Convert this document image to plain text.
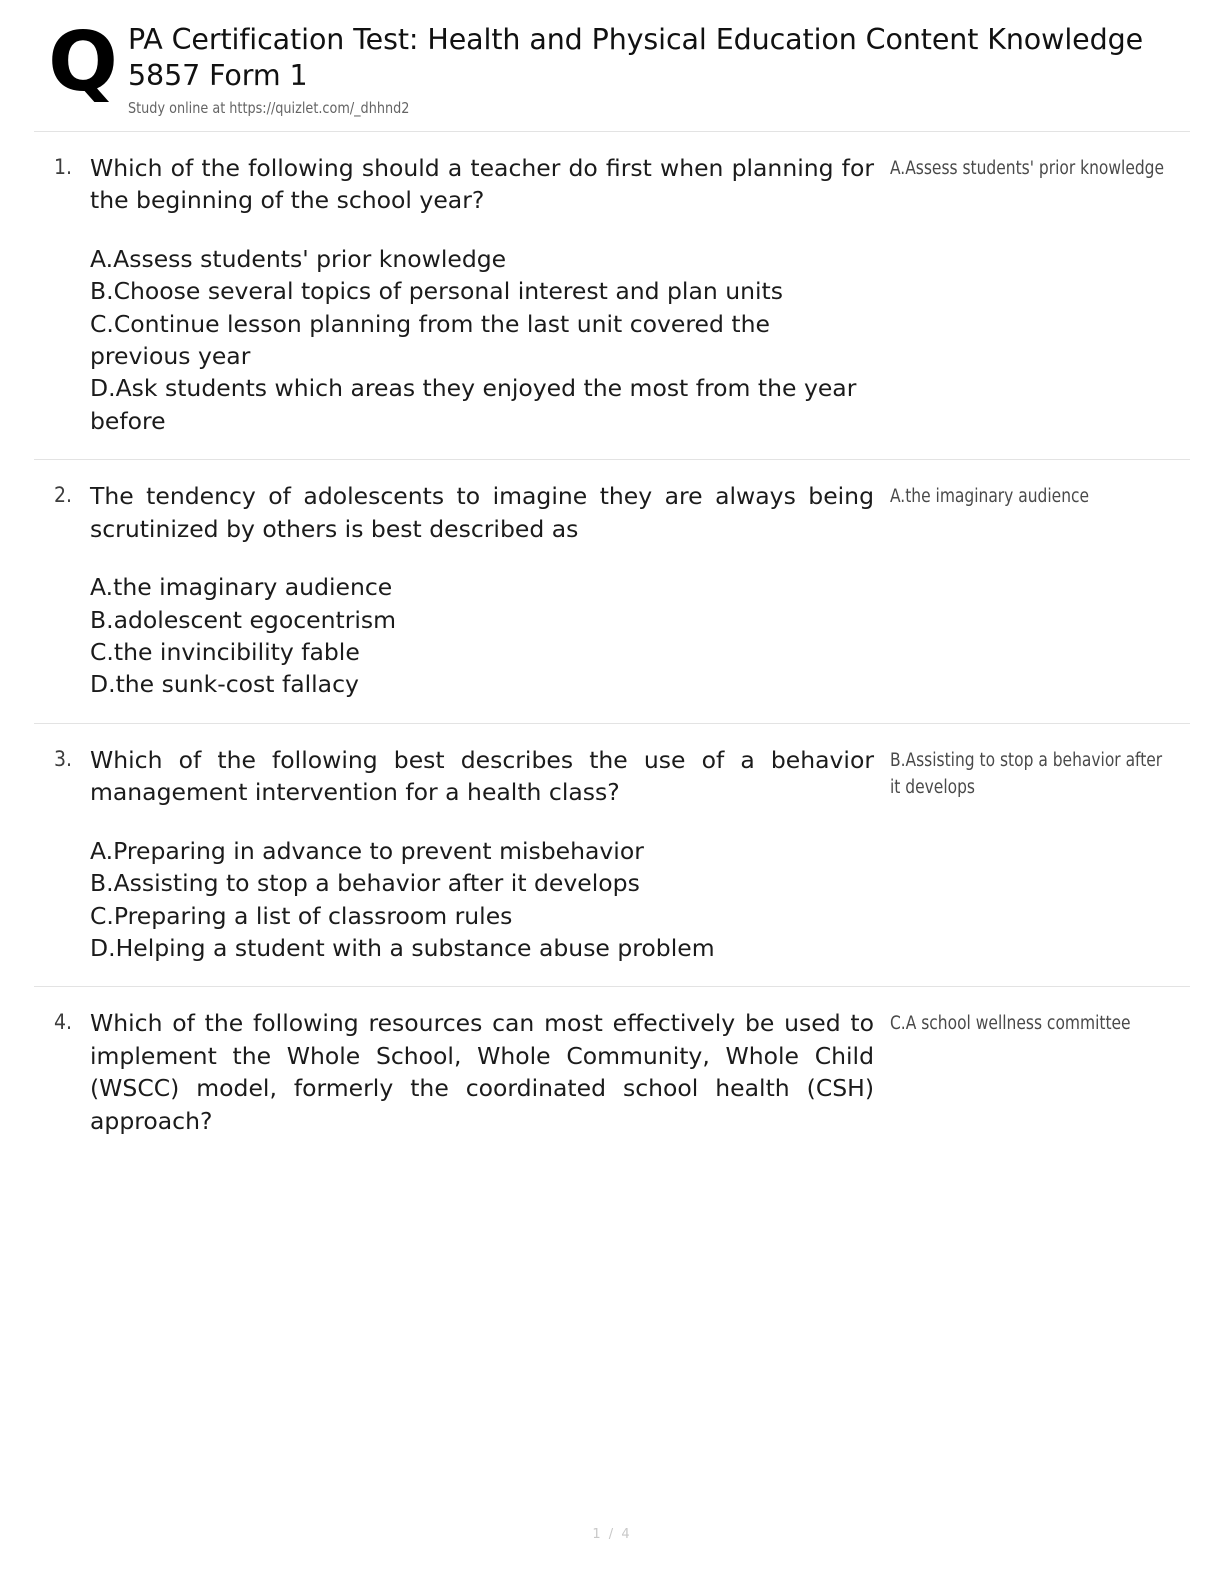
Q PA Certification Test: Health and Physical Education Content Knowledge 5857 Form 1
Study online at https://quizlet.com/_dhhnd2
1. Which of the following should a teacher do first when planning for the beginning of the school year?
A.Assess students' prior knowledge
B.Choose several topics of personal interest and plan units
C.Continue lesson planning from the last unit covered the previous year
D.Ask students which areas they enjoyed the most from the year before
A.Assess students' prior knowledge
2. The tendency of adolescents to imagine they are always being scrutinized by others is best described as
A.the imaginary audience
B.adolescent egocentrism
C.the invincibility fable
D.the sunk-cost fallacy
A.the imaginary audience
3. Which of the following best describes the use of a behavior management intervention for a health class?
A.Preparing in advance to prevent misbehavior
B.Assisting to stop a behavior after it develops
C.Preparing a list of classroom rules
D.Helping a student with a substance abuse problem
B.Assisting to stop a behavior after it develops
4. Which of the following resources can most effectively be used to implement the Whole School, Whole Community, Whole Child (WSCC) model, formerly the coordinated school health (CSH) approach?
C.A school wellness committee
1 / 4
